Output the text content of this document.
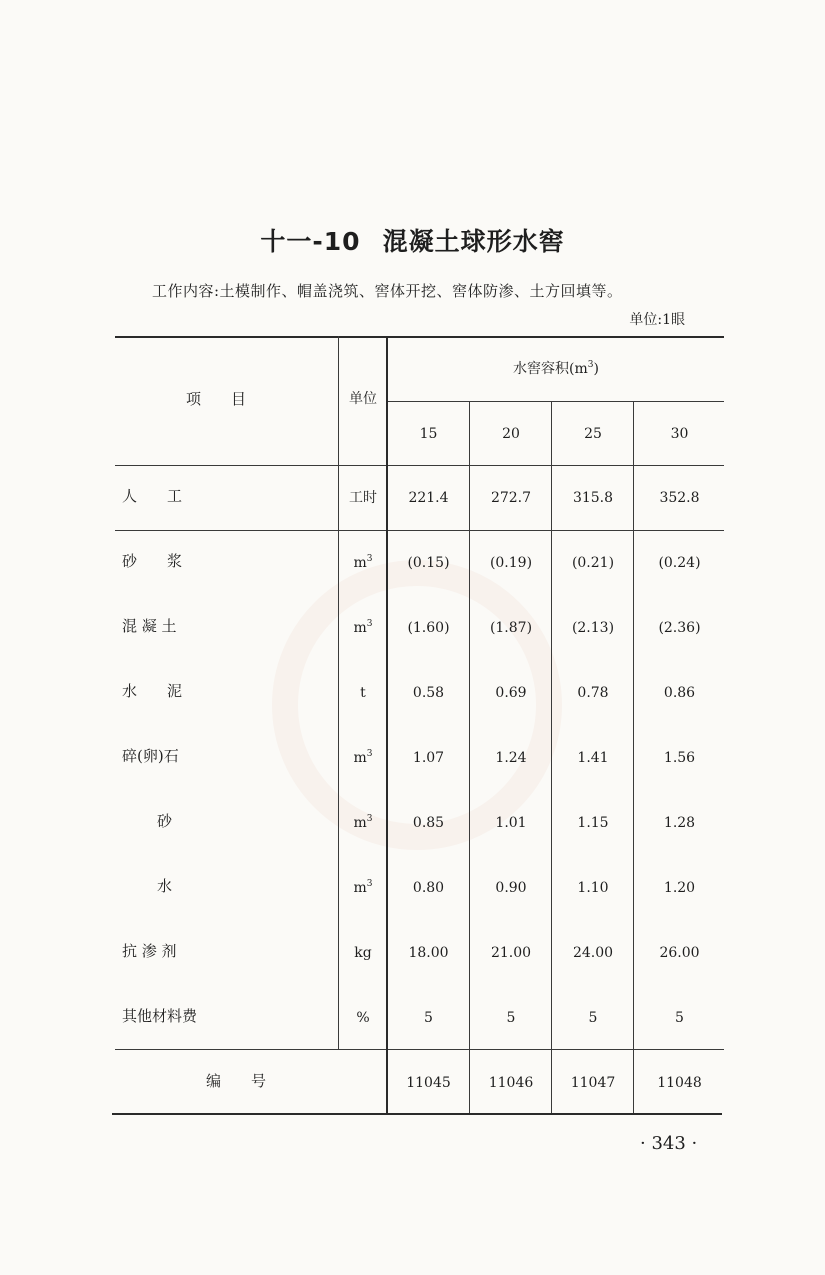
十一-10 混凝土球形水窖
工作内容:土模制作、帽盖浇筑、窖体开挖、窖体防渗、土方回填等。
单位:1眼
项　　目	单位
水窖容积$(m^3)$
15	20	25	30
人　　工	工时	221.4	272.7	315.8	352.8
砂　　浆	$m^3$	(0.15)	(0.19)	(0.21)	(0.24)
混 凝 土	$m^3$	(1.60)	(1.87)	(2.13)	(2.36)
水　　泥	t	0.58	0.69	0.78	0.86
碎(卵)石	$m^3$	1.07	1.24	1.41	1.56
砂	$m^3$	0.85	1.01	1.15	1.28
水	$m^3$	0.80	0.90	1.10	1.20
抗 渗 剂	kg	18.00	21.00	24.00	26.00
其他材料费	%	5	5	5	5
编　　号	11045	11046	11047	11048
· 343 ·
